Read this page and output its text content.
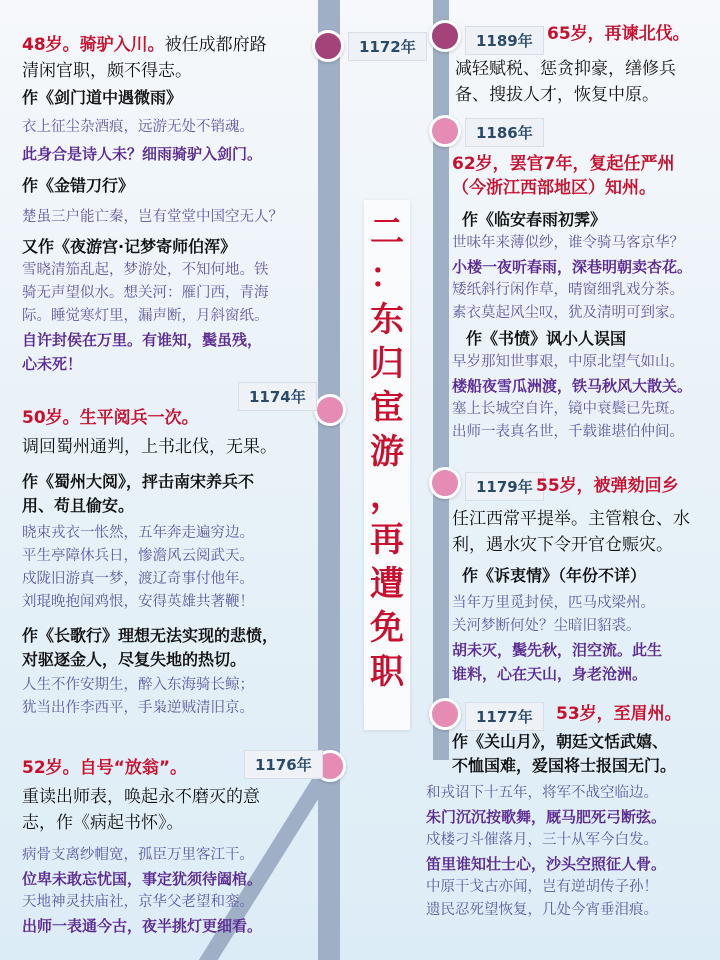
1172年
1174年
1176年
1189年
1186年
1179年
1177年
二
：
东
归
宦
游
，
再
遭
免
职
48岁。骑驴入川。被任成都府路
清闲官职，颇不得志。
作《剑门道中遇微雨》
衣上征尘杂酒痕，远游无处不销魂。
此身合是诗人未？细雨骑驴入剑门。
作《金错刀行》
楚虽三户能亡秦，岂有堂堂中国空无人？
又作《夜游宫·记梦寄师伯浑》
雪晓清笳乱起，梦游处，不知何地。铁
骑无声望似水。想关河：雁门西，青海
际。睡觉寒灯里，漏声断，月斜窗纸。
自许封侯在万里。有谁知，鬓虽残，
心未死！
50岁。生平阅兵一次。
调回蜀州通判，上书北伐，无果。
作《蜀州大阅》，抨击南宋养兵不
用、苟且偷安。
晓束戎衣一怅然，五年奔走遍穷边。
平生亭障休兵日，惨澹风云阅武天。
戍陇旧游真一梦，渡辽奇事付他年。
刘琨晚抱闻鸡恨，安得英雄共著鞭！
作《长歌行》理想无法实现的悲愤，
对驱逐金人，尽复失地的热切。
人生不作安期生，醉入东海骑长鲸；
犹当出作李西平，手枭逆贼清旧京。
52岁。自号“放翁”。
重读出师表，唤起永不磨灭的意
志，作《病起书怀》。
病骨支离纱帽宽，孤臣万里客江干。
位卑未敢忘忧国，事定犹须待阖棺。
天地神灵扶庙社，京华父老望和銮。
出师一表通今古，夜半挑灯更细看。
65岁，再谏北伐。
减轻赋税、惩贪抑豪，缮修兵
备、搜拔人才，恢复中原。
62岁，罢官7年，复起任严州
（今浙江西部地区）知州。
作《临安春雨初霁》
世味年来薄似纱，谁令骑马客京华？
小楼一夜听春雨，深巷明朝卖杏花。
矮纸斜行闲作草，晴窗细乳戏分茶。
素衣莫起风尘叹，犹及清明可到家。
作《书愤》讽小人误国
早岁那知世事艰，中原北望气如山。
楼船夜雪瓜洲渡，铁马秋风大散关。
塞上长城空自许，镜中衰鬓已先斑。
出师一表真名世，千载谁堪伯仲间。
55岁，被弹劾回乡
任江西常平提举。主管粮仓、水
利，遇水灾下令开官仓赈灾。
作《诉衷情》（年份不详）
当年万里觅封侯，匹马戍梁州。
关河梦断何处？尘暗旧貂裘。
胡未灭，鬓先秋，泪空流。此生
谁料，心在天山，身老沧洲。
53岁，至眉州。
作《关山月》，朝廷文恬武嬉、
不恤国难，爱国将士报国无门。
和戎诏下十五年，将军不战空临边。
朱门沉沉按歌舞，厩马肥死弓断弦。
戍楼刁斗催落月，三十从军今白发。
笛里谁知壮士心，沙头空照征人骨。
中原干戈古亦闻，岂有逆胡传子孙！
遗民忍死望恢复，几处今宵垂泪痕。
